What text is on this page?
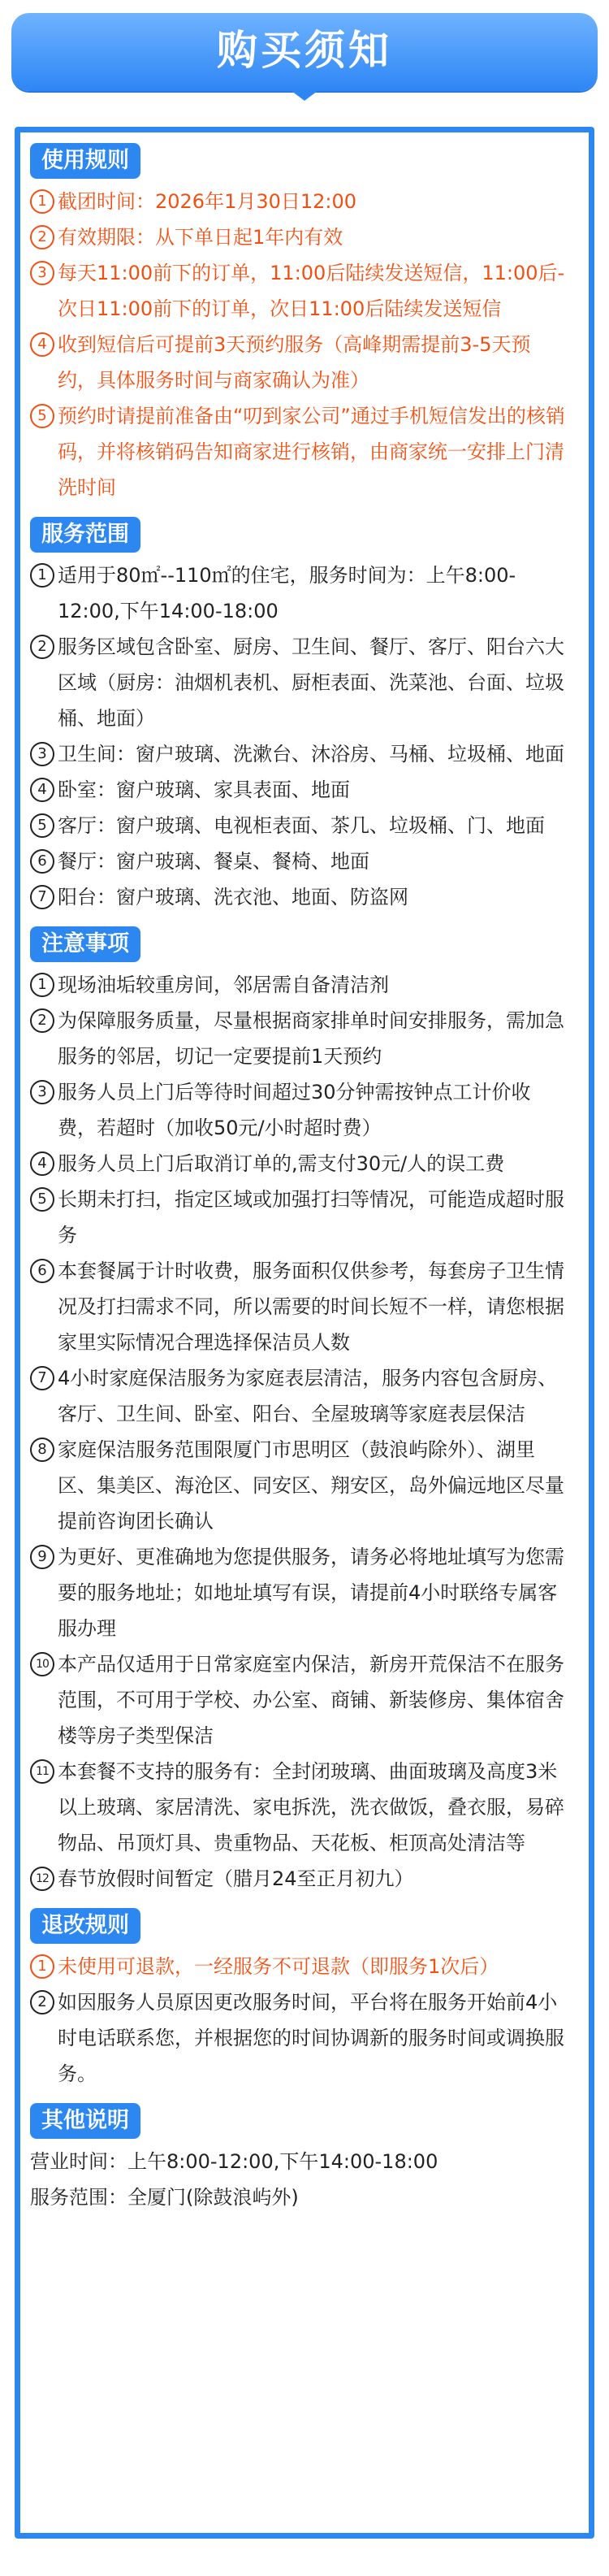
购买须知
使用规则
1 截团时间：2026年1月30日12:00
2 有效期限：从下单日起1年内有效
3 每天11:00前下的订单，11:00后陆续发送短信，11:00后-次日11:00前下的订单，次日11:00后陆续发送短信
4 收到短信后可提前3天预约服务（高峰期需提前3-5天预约，具体服务时间与商家确认为准）
5 预约时请提前准备由“叨到家公司”通过手机短信发出的核销码，并将核销码告知商家进行核销，由商家统一安排上门清洗时间
服务范围
1 适用于80㎡--110㎡的住宅，服务时间为：上午8:00-12:00,下午14:00-18:00
2 服务区域包含卧室、厨房、卫生间、餐厅、客厅、阳台六大区域（厨房：油烟机表机、厨柜表面、洗菜池、台面、垃圾桶、地面）
3 卫生间：窗户玻璃、洗漱台、沐浴房、马桶、垃圾桶、地面
4 卧室：窗户玻璃、家具表面、地面
5 客厅：窗户玻璃、电视柜表面、茶几、垃圾桶、门、地面
6 餐厅：窗户玻璃、餐桌、餐椅、地面
7 阳台：窗户玻璃、洗衣池、地面、防盗网
注意事项
1 现场油垢较重房间，邻居需自备清洁剂
2 为保障服务质量，尽量根据商家排单时间安排服务，需加急服务的邻居，切记一定要提前1天预约
3 服务人员上门后等待时间超过30分钟需按钟点工计价收费，若超时（加收50元/小时超时费）
4 服务人员上门后取消订单的,需支付30元/人的误工费
5 长期未打扫，指定区域或加强打扫等情况，可能造成超时服务
6 本套餐属于计时收费，服务面积仅供参考，每套房子卫生情况及打扫需求不同，所以需要的时间长短不一样，请您根据家里实际情况合理选择保洁员人数
7 4小时家庭保洁服务为家庭表层清洁，服务内容包含厨房、客厅、卫生间、卧室、阳台、全屋玻璃等家庭表层保洁
8 家庭保洁服务范围限厦门市思明区（鼓浪屿除外）、湖里区、集美区、海沧区、同安区、翔安区，岛外偏远地区尽量提前咨询团长确认
9 为更好、更准确地为您提供服务，请务必将地址填写为您需要的服务地址；如地址填写有误，请提前4小时联络专属客服办理
10 本产品仅适用于日常家庭室内保洁，新房开荒保洁不在服务范围，不可用于学校、办公室、商铺、新装修房、集体宿舍楼等房子类型保洁
11 本套餐不支持的服务有：全封闭玻璃、曲面玻璃及高度3米以上玻璃、家居清洗、家电拆洗，洗衣做饭，叠衣服，易碎物品、吊顶灯具、贵重物品、天花板、柜顶高处清洁等
12 春节放假时间暂定（腊月24至正月初九）
退改规则
1 未使用可退款，一经服务不可退款（即服务1次后）
2 如因服务人员原因更改服务时间，平台将在服务开始前4小时电话联系您，并根据您的时间协调新的服务时间或调换服务。
其他说明
营业时间：上午8:00-12:00,下午14:00-18:00
服务范围：全厦门(除鼓浪屿外)
